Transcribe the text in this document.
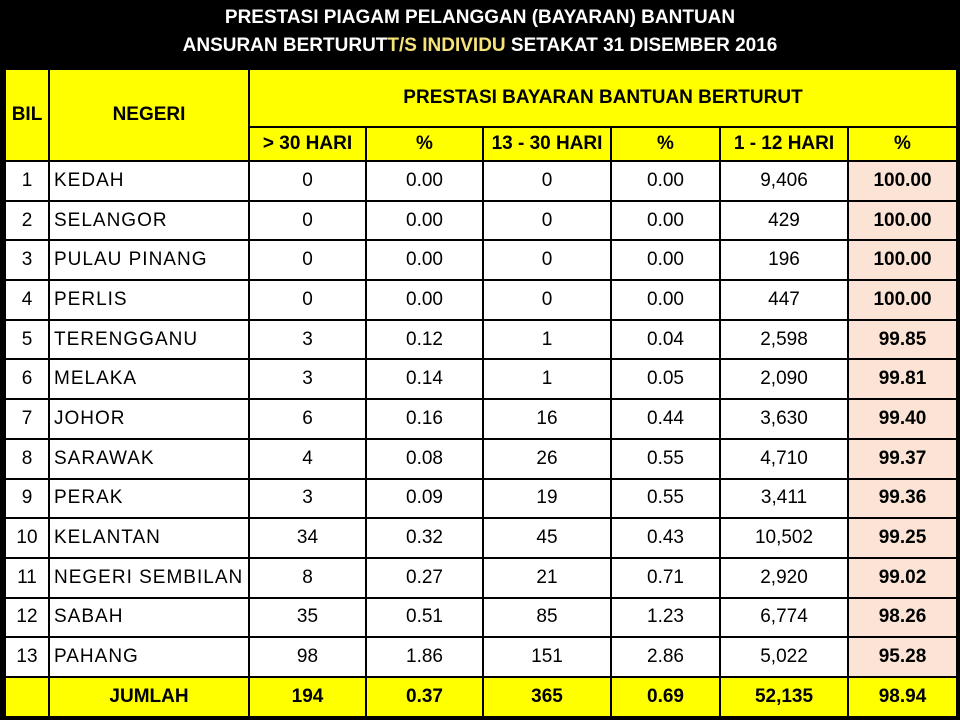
PRESTASI PIAGAM PELANGGAN (BAYARAN) BANTUAN
ANSURAN BERTURUTT/S INDIVIDU SETAKAT 31 DISEMBER 2016
BIL	NEGERI	PRESTASI BAYARAN BANTUAN BERTURUT					
		> 30 HARI	%	13 - 30 HARI	%	1 - 12 HARI	%
1	KEDAH	0	0.00	0	0.00	9,406	100.00
2	SELANGOR	0	0.00	0	0.00	429	100.00
3	PULAU PINANG	0	0.00	0	0.00	196	100.00
4	PERLIS	0	0.00	0	0.00	447	100.00
5	TERENGGANU	3	0.12	1	0.04	2,598	99.85
6	MELAKA	3	0.14	1	0.05	2,090	99.81
7	JOHOR	6	0.16	16	0.44	3,630	99.40
8	SARAWAK	4	0.08	26	0.55	4,710	99.37
9	PERAK	3	0.09	19	0.55	3,411	99.36
10	KELANTAN	34	0.32	45	0.43	10,502	99.25
11	NEGERI SEMBILAN	8	0.27	21	0.71	2,920	99.02
12	SABAH	35	0.51	85	1.23	6,774	98.26
13	PAHANG	98	1.86	151	2.86	5,022	95.28
	JUMLAH	194	0.37	365	0.69	52,135	98.94
